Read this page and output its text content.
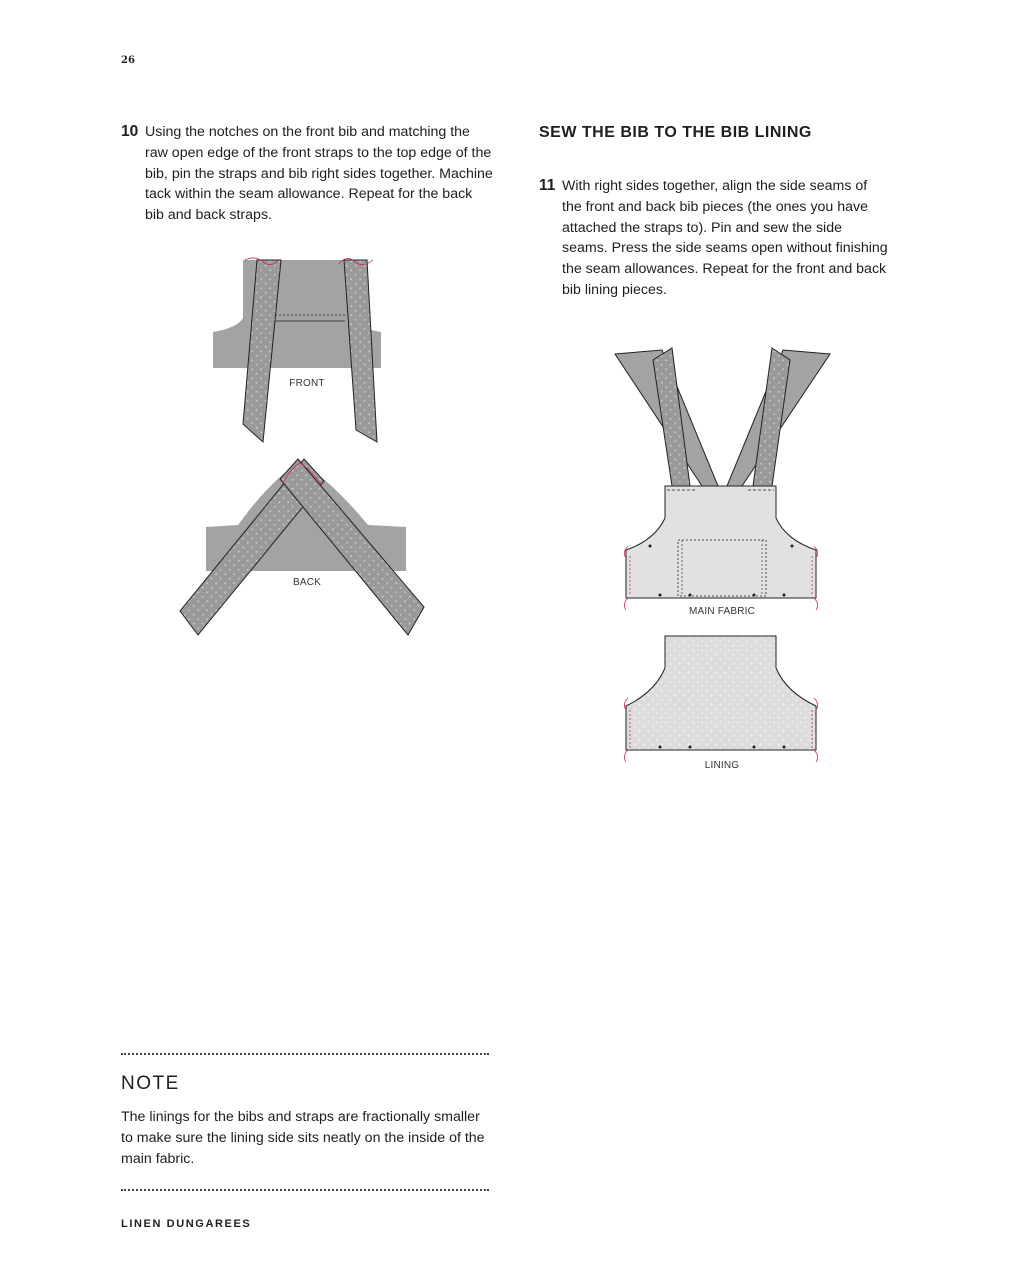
26
10 Using the notches on the front bib and matching the raw open edge of the front straps to the top edge of the bib, pin the straps and bib right sides together. Machine tack within the seam allowance. Repeat for the back bib and back straps.
SEW THE BIB TO THE BIB LINING
11 With right sides together, align the side seams of the front and back bib pieces (the ones you have attached the straps to). Pin and sew the side seams. Press the side seams open without finishing the seam allowances. Repeat for the front and back bib lining pieces.
FRONT
BACK
MAIN FABRIC
LINING
NOTE

The linings for the bibs and straps are fractionally smaller to make sure the lining side sits neatly on the inside of the main fabric.

LINEN DUNGAREES
